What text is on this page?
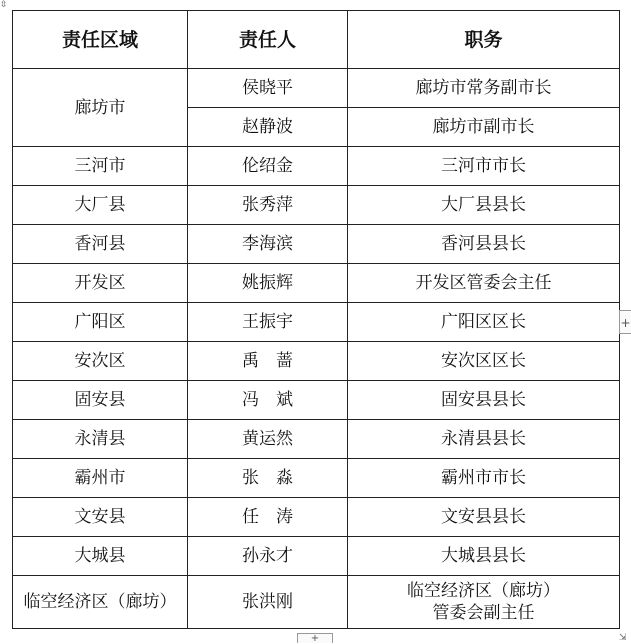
⇳
责任区域	责任人	职务
廊坊市	侯晓平	廊坊市常务副市长
	赵静波	廊坊市副市长
三河市	伦绍金	三河市市长
大厂县	张秀萍	大厂县县长
香河县	李海滨	香河县县长
开发区	姚振辉	开发区管委会主任
广阳区	王振宇	广阳区区长
安次区	禹　蔷	安次区区长
固安县	冯　斌	固安县县长
永清县	黄运然	永清县县长
霸州市	张　淼	霸州市市长
文安县	任　涛	文安县县长
大城县	孙永才	大城县县长
临空经济区（廊坊）	张洪刚	临空经济区（廊坊）
管委会副主任
+
+	⇲
